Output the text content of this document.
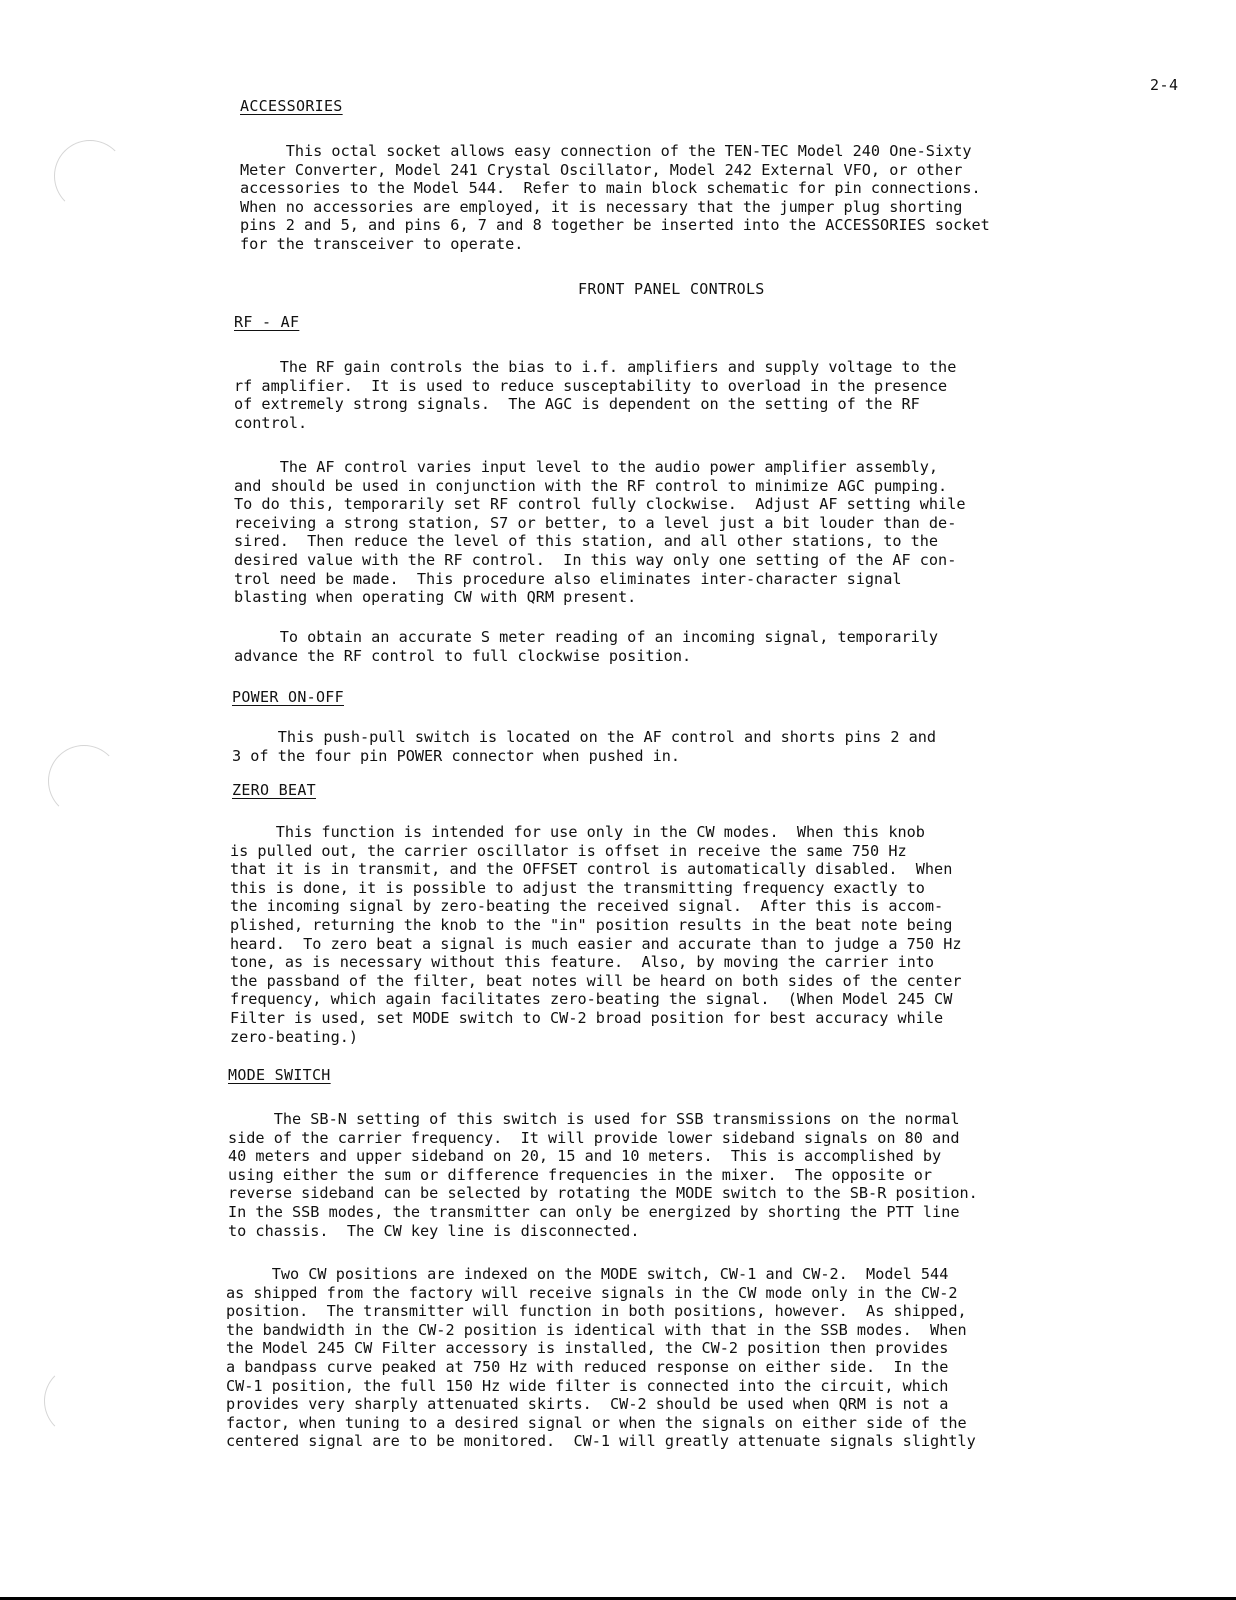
2-4
ACCESSORIES
This octal socket allows easy connection of the TEN-TEC Model 240 One-Sixty
Meter Converter, Model 241 Crystal Oscillator, Model 242 External VFO, or other
accessories to the Model 544.  Refer to main block schematic for pin connections.
When no accessories are employed, it is necessary that the jumper plug shorting
pins 2 and 5, and pins 6, 7 and 8 together be inserted into the ACCESSORIES socket
for the transceiver to operate.
FRONT PANEL CONTROLS
RF - AF
The RF gain controls the bias to i.f. amplifiers and supply voltage to the
rf amplifier.  It is used to reduce susceptability to overload in the presence
of extremely strong signals.  The AGC is dependent on the setting of the RF
control.
The AF control varies input level to the audio power amplifier assembly,
and should be used in conjunction with the RF control to minimize AGC pumping.
To do this, temporarily set RF control fully clockwise.  Adjust AF setting while
receiving a strong station, S7 or better, to a level just a bit louder than de-
sired.  Then reduce the level of this station, and all other stations, to the
desired value with the RF control.  In this way only one setting of the AF con-
trol need be made.  This procedure also eliminates inter-character signal
blasting when operating CW with QRM present.
To obtain an accurate S meter reading of an incoming signal, temporarily
advance the RF control to full clockwise position.
POWER ON-OFF
This push-pull switch is located on the AF control and shorts pins 2 and
3 of the four pin POWER connector when pushed in.
ZERO BEAT
This function is intended for use only in the CW modes.  When this knob
is pulled out, the carrier oscillator is offset in receive the same 750 Hz
that it is in transmit, and the OFFSET control is automatically disabled.  When
this is done, it is possible to adjust the transmitting frequency exactly to
the incoming signal by zero-beating the received signal.  After this is accom-
plished, returning the knob to the "in" position results in the beat note being
heard.  To zero beat a signal is much easier and accurate than to judge a 750 Hz
tone, as is necessary without this feature.  Also, by moving the carrier into
the passband of the filter, beat notes will be heard on both sides of the center
frequency, which again facilitates zero-beating the signal.  (When Model 245 CW
Filter is used, set MODE switch to CW-2 broad position for best accuracy while
zero-beating.)
MODE SWITCH
The SB-N setting of this switch is used for SSB transmissions on the normal
side of the carrier frequency.  It will provide lower sideband signals on 80 and
40 meters and upper sideband on 20, 15 and 10 meters.  This is accomplished by
using either the sum or difference frequencies in the mixer.  The opposite or
reverse sideband can be selected by rotating the MODE switch to the SB-R position.
In the SSB modes, the transmitter can only be energized by shorting the PTT line
to chassis.  The CW key line is disconnected.
Two CW positions are indexed on the MODE switch, CW-1 and CW-2.  Model 544
as shipped from the factory will receive signals in the CW mode only in the CW-2
position.  The transmitter will function in both positions, however.  As shipped,
the bandwidth in the CW-2 position is identical with that in the SSB modes.  When
the Model 245 CW Filter accessory is installed, the CW-2 position then provides
a bandpass curve peaked at 750 Hz with reduced response on either side.  In the
CW-1 position, the full 150 Hz wide filter is connected into the circuit, which
provides very sharply attenuated skirts.  CW-2 should be used when QRM is not a
factor, when tuning to a desired signal or when the signals on either side of the
centered signal are to be monitored.  CW-1 will greatly attenuate signals slightly
